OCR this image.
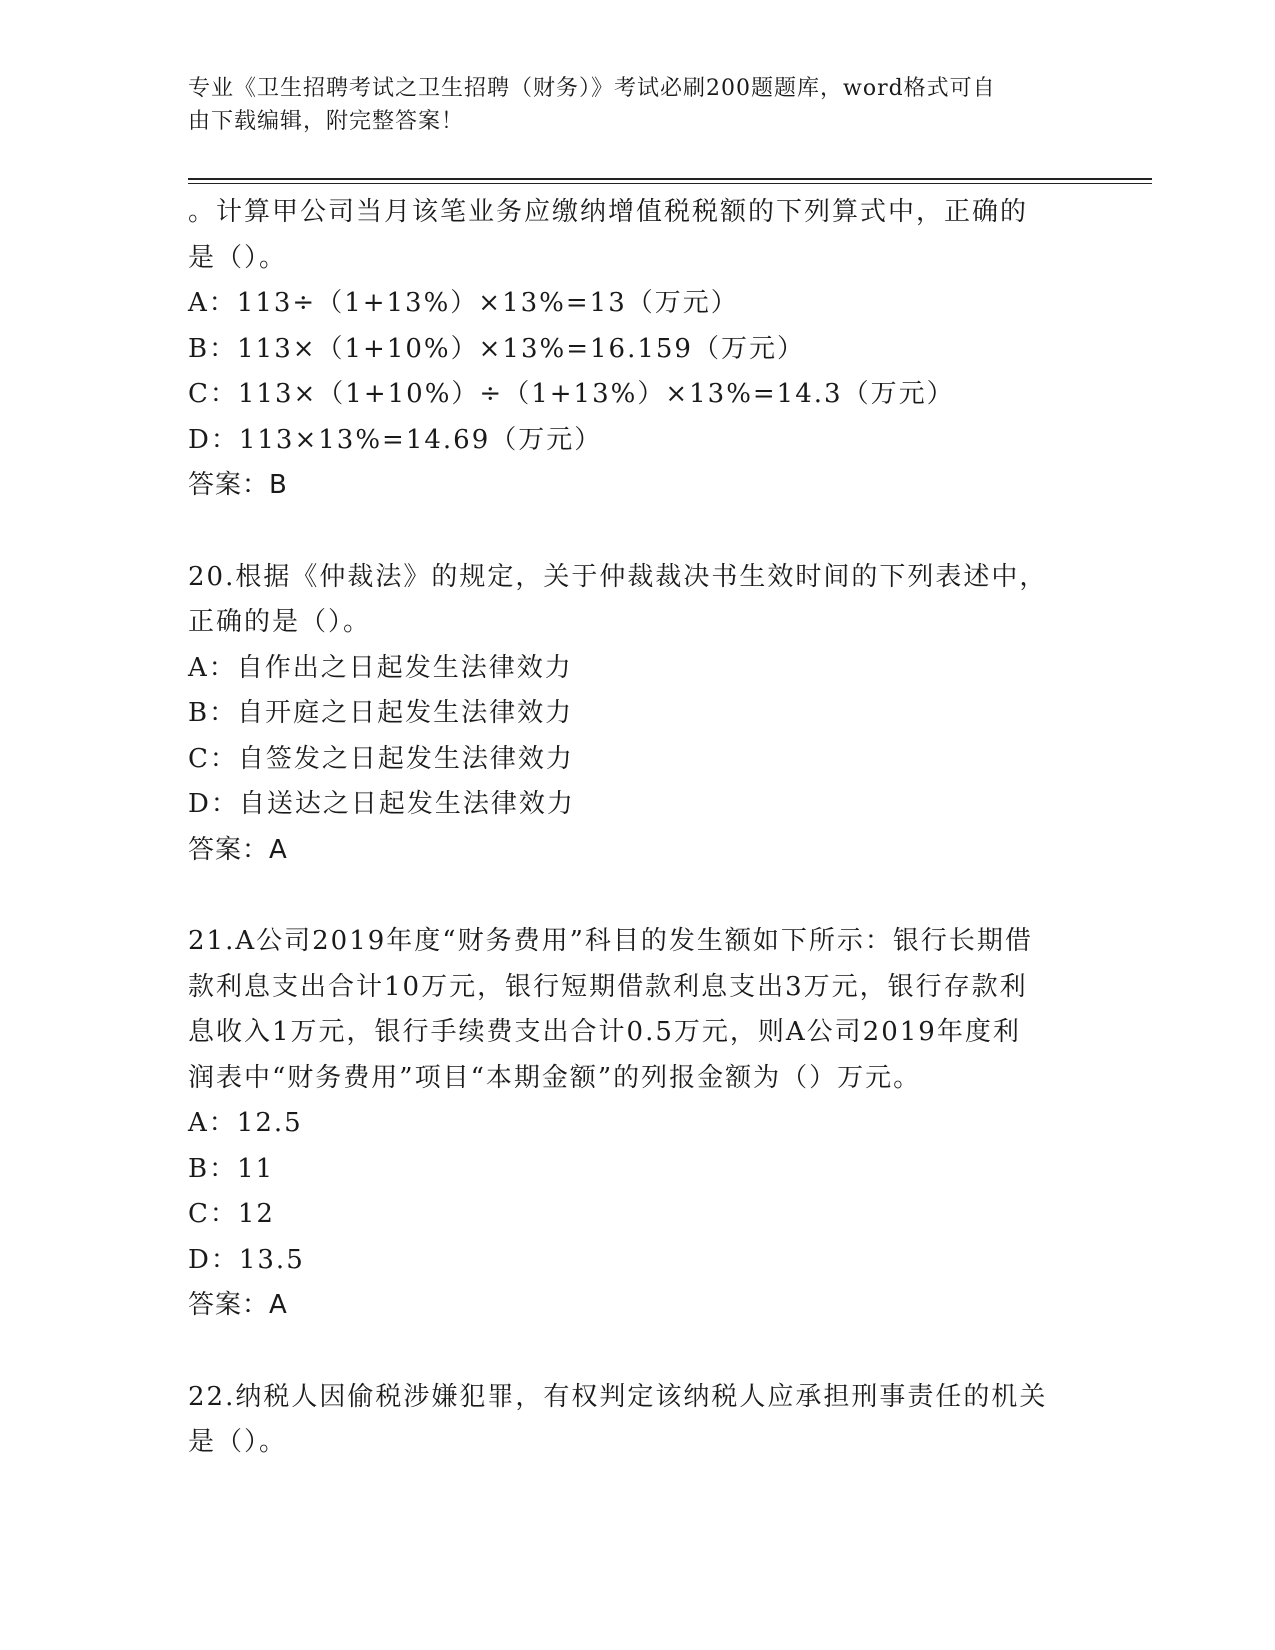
专业《卫生招聘考试之卫生招聘（财务）》考试必刷200题题库，word格式可自
由下载编辑，附完整答案！
。计算甲公司当月该笔业务应缴纳增值税税额的下列算式中，正确的
是（）。
A：113÷（1+13%）×13%=13（万元）
B：113×（1+10%）×13%=16.159（万元）
C：113×（1+10%）÷（1+13%）×13%=14.3（万元）
D：113×13%=14.69（万元）
答案：B
20.根据《仲裁法》的规定，关于仲裁裁决书生效时间的下列表述中，
正确的是（）。
A：自作出之日起发生法律效力
B：自开庭之日起发生法律效力
C：自签发之日起发生法律效力
D：自送达之日起发生法律效力
答案：A
21.A公司2019年度“财务费用”科目的发生额如下所示：银行长期借
款利息支出合计10万元，银行短期借款利息支出3万元，银行存款利
息收入1万元，银行手续费支出合计0.5万元，则A公司2019年度利
润表中“财务费用”项目“本期金额”的列报金额为（）万元。
A：12.5
B：11
C：12
D：13.5
答案：A
22.纳税人因偷税涉嫌犯罪，有权判定该纳税人应承担刑事责任的机关
是（）。
